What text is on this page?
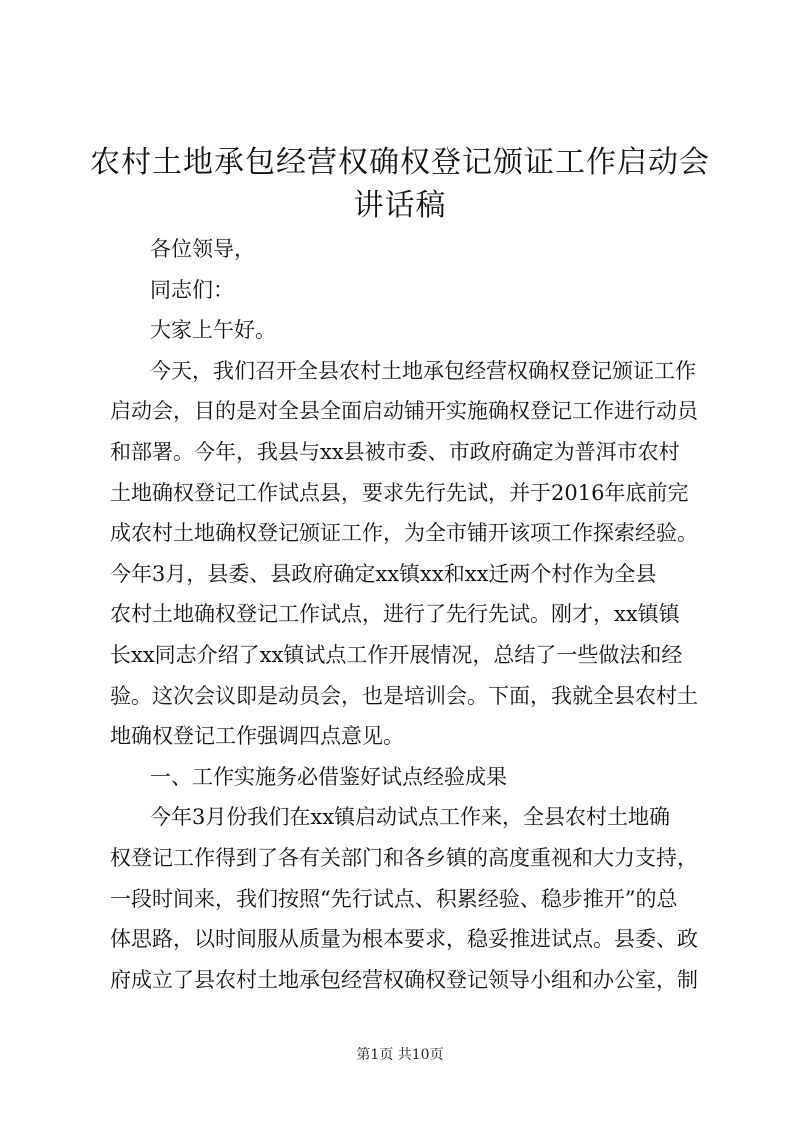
农村土地承包经营权确权登记颁证工作启动会
讲话稿
各位领导，
同志们：
大家上午好。
今天，我们召开全县农村土地承包经营权确权登记颁证工作
启动会，目的是对全县全面启动铺开实施确权登记工作进行动员
和部署。今年，我县与xx县被市委、市政府确定为普洱市农村
土地确权登记工作试点县，要求先行先试，并于2016年底前完
成农村土地确权登记颁证工作，为全市铺开该项工作探索经验。
今年3月，县委、县政府确定xx镇xx和xx迁两个村作为全县
农村土地确权登记工作试点，进行了先行先试。刚才，xx镇镇
长xx同志介绍了xx镇试点工作开展情况，总结了一些做法和经
验。这次会议即是动员会，也是培训会。下面，我就全县农村土
地确权登记工作强调四点意见。
一、工作实施务必借鉴好试点经验成果
今年3月份我们在xx镇启动试点工作来，全县农村土地确
权登记工作得到了各有关部门和各乡镇的高度重视和大力支持，
一段时间来，我们按照“先行试点、积累经验、稳步推开”的总
体思路，以时间服从质量为根本要求，稳妥推进试点。县委、政
府成立了县农村土地承包经营权确权登记领导小组和办公室，制
第1页 共10页
